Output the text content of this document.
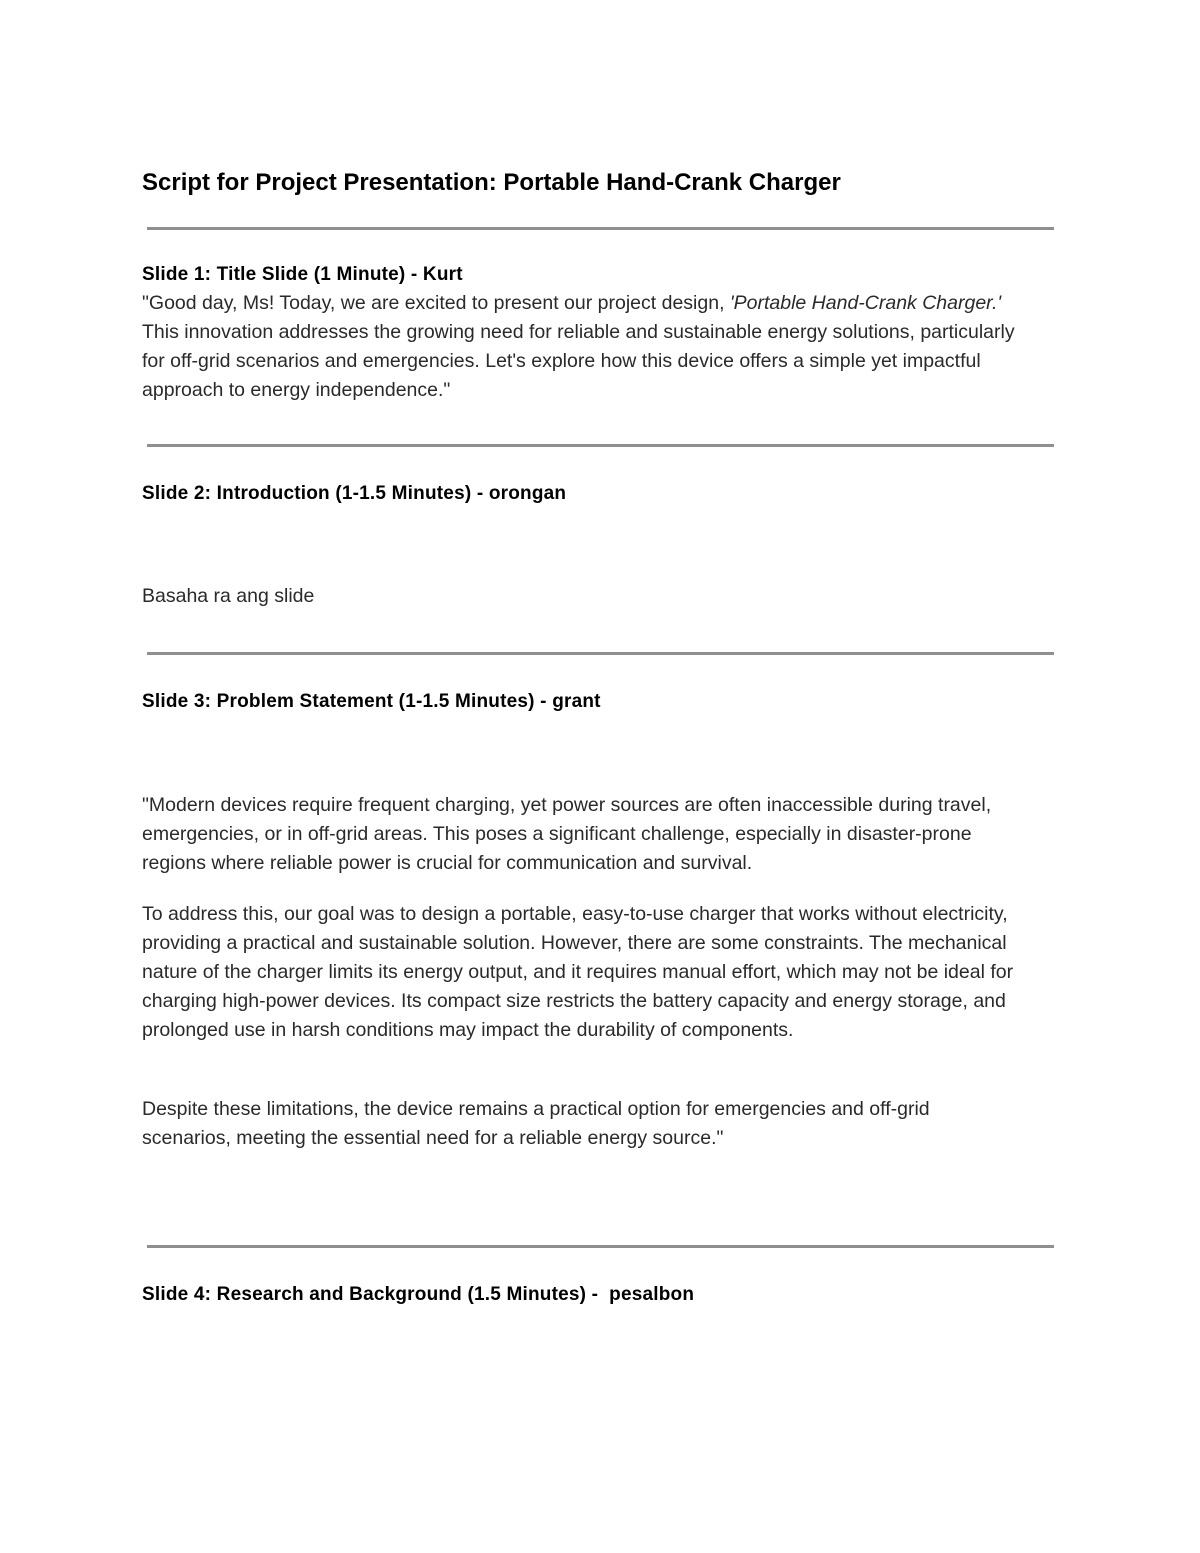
Script for Project Presentation: Portable Hand-Crank Charger
Slide 1: Title Slide (1 Minute) - Kurt

"Good day, Ms! Today, we are excited to present our project design, 'Portable Hand-Crank Charger.' This innovation addresses the growing need for reliable and sustainable energy solutions, particularly for off-grid scenarios and emergencies. Let's explore how this device offers a simple yet impactful approach to energy independence."

Slide 2: Introduction (1-1.5 Minutes) - orongan

Basaha ra ang slide

Slide 3: Problem Statement (1-1.5 Minutes) - grant

"Modern devices require frequent charging, yet power sources are often inaccessible during travel, emergencies, or in off-grid areas. This poses a significant challenge, especially in disaster-prone regions where reliable power is crucial for communication and survival.

To address this, our goal was to design a portable, easy-to-use charger that works without electricity, providing a practical and sustainable solution. However, there are some constraints. The mechanical nature of the charger limits its energy output, and it requires manual effort, which may not be ideal for charging high-power devices. Its compact size restricts the battery capacity and energy storage, and prolonged use in harsh conditions may impact the durability of components.

Despite these limitations, the device remains a practical option for emergencies and off-grid scenarios, meeting the essential need for a reliable energy source."

Slide 4: Research and Background (1.5 Minutes) -  pesalbon
